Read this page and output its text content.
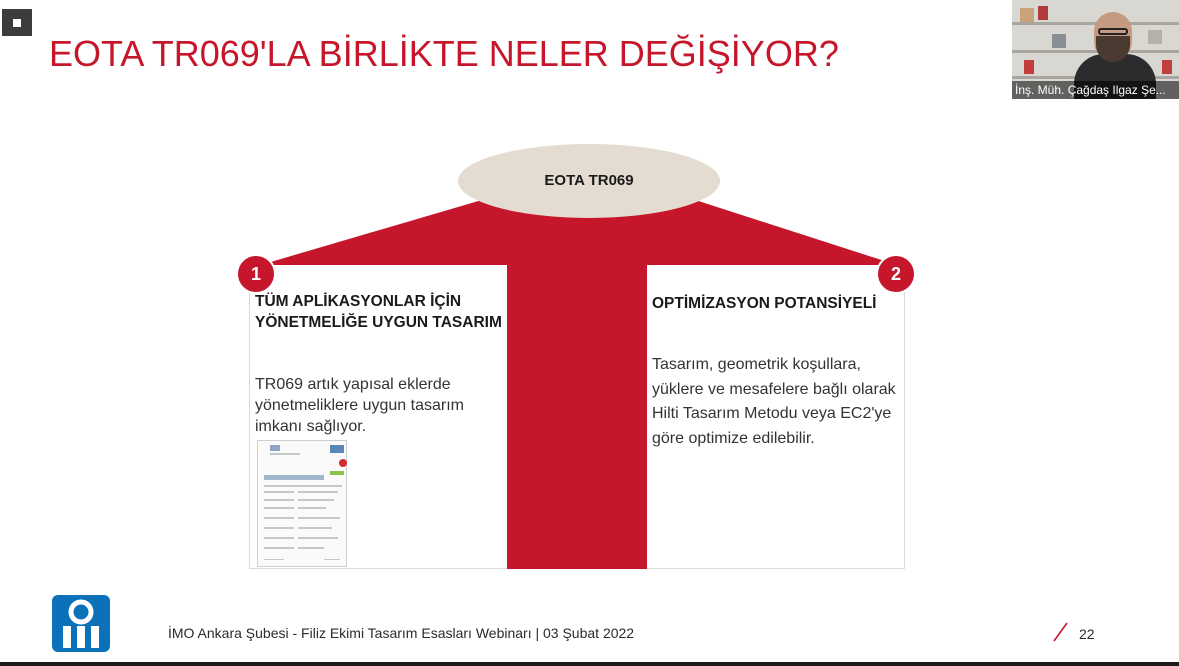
EOTA TR069'LA BİRLİKTE NELER DEĞİŞİYOR?
EOTA TR069
TÜM APLİKASYONLAR İÇİN YÖNETMELİĞE UYGUN TASARIM
TR069 artık yapısal eklerde yönetmeliklere uygun tasarım imkanı sağlıyor.
OPTİMİZASYON POTANSİYELİ
Tasarım, geometrik koşullara, yüklere ve mesafelere bağlı olarak Hilti Tasarım Metodu veya EC2'ye göre optimize edilebilir.
1	2
İMO Ankara Şubesi - Filiz Ekimi Tasarım Esasları Webinarı | 03 Şubat 2022	22
İnş. Müh. Çağdaş Ilgaz Şe...
